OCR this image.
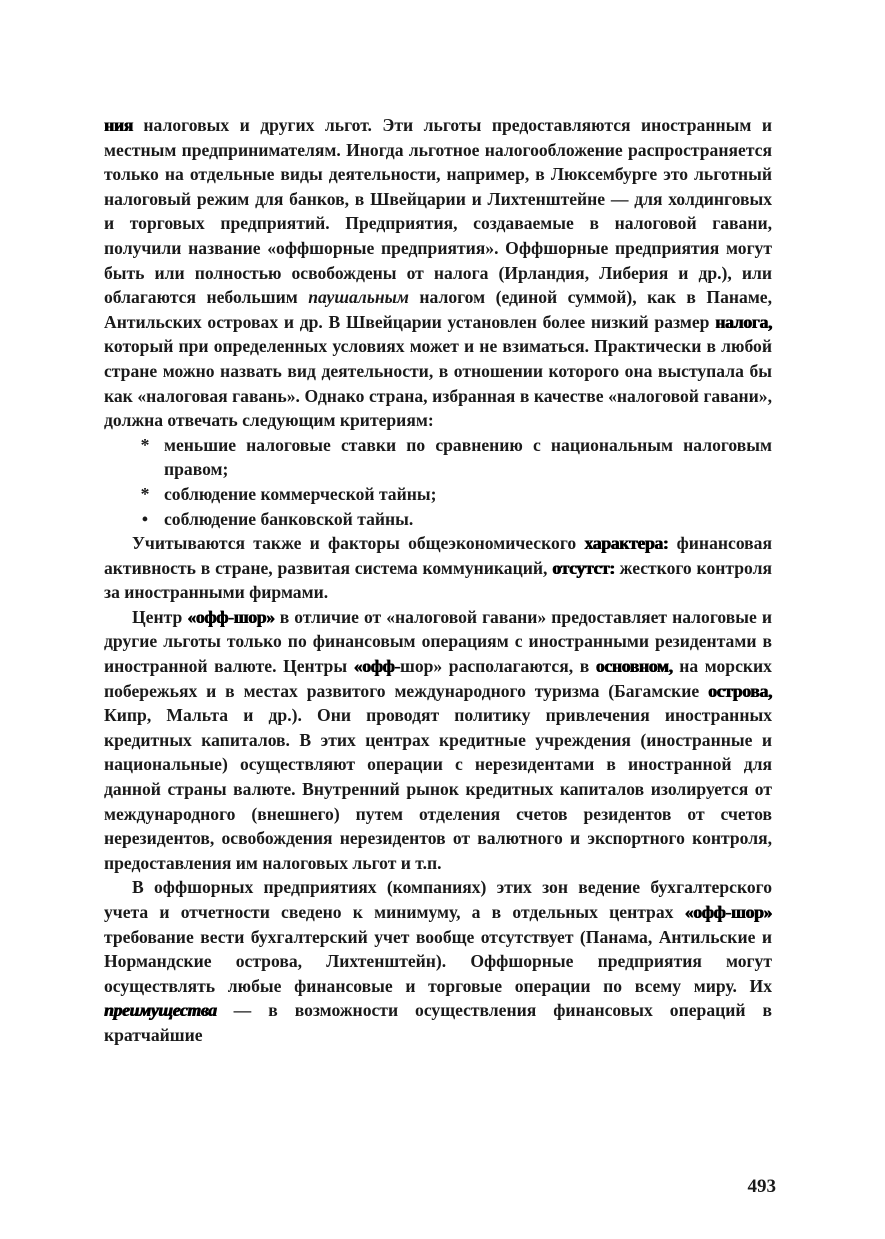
ния налоговых и других льгот. Эти льготы предоставляются иностранным и местным предпринимателям. Иногда льготное налогообложение распространяется только на отдельные виды деятельности, например, в Люксембурге это льготный налоговый режим для банков, в Швейцарии и Лихтенштейне — для холдинговых и торговых предприятий. Предприятия, создаваемые в налоговой гавани, получили название «оффшорные предприятия». Оффшорные предприятия могут быть или полностью освобождены от налога (Ирландия, Либерия и др.), или облагаются небольшим паушальным налогом (единой суммой), как в Панаме, Антильских островах и др. В Швейцарии установлен более низкий размер налога, который при определенных условиях может и не взиматься. Практически в любой стране можно назвать вид деятельности, в отношении которого она выступала бы как «налоговая гавань». Однако страна, избранная в качестве «налоговой гавани», должна отвечать следующим критериям:

* меньшие налоговые ставки по сравнению с национальным налоговым правом;
* соблюдение коммерческой тайны;
• соблюдение банковской тайны.

Учитываются также и факторы общеэкономического характера: финансовая активность в стране, развитая система коммуникаций, отсутст: жесткого контроля за иностранными фирмами.

Центр «офф-шор» в отличие от «налоговой гавани» предоставляет налоговые и другие льготы только по финансовым операциям с иностранными резидентами в иностранной валюте. Центры «офф-шор» располагаются, в основном, на морских побережьях и в местах развитого международного туризма (Багамские острова, Кипр, Мальта и др.). Они проводят политику привлечения иностранных кредитных капиталов. В этих центрах кредитные учреждения (иностранные и национальные) осуществляют операции с нерезидентами в иностранной для данной страны валюте. Внутренний рынок кредитных капиталов изолируется от международного (внешнего) путем отделения счетов резидентов от счетов нерезидентов, освобождения нерезидентов от валютного и экспортного контроля, предоставления им налоговых льгот и т.п.

В оффшорных предприятиях (компаниях) этих зон ведение бухгалтерского учета и отчетности сведено к минимуму, а в отдельных центрах «офф-шор» требование вести бухгалтерский учет вообще отсутствует (Панама, Антильские и Нормандские острова, Лихтенштейн). Оффшорные предприятия могут осуществлять любые финансовые и торговые операции по всему миру. Их преимущества — в возможности осуществления финансовых операций в кратчайшие

493
